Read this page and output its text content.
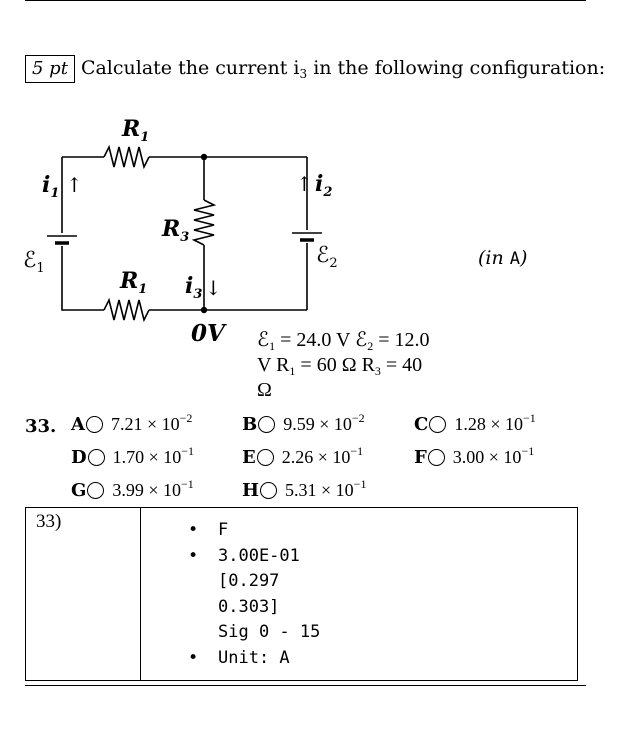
5 pt Calculate the current $i_3$ in the following configuration:
$R_1$
$R_1$
$R_3$
$i_1$ ↑	↑ $i_2$
$i_3$ ↓
ℰ$_1$
ℰ$_2$
0V
(in A)
ℰ$_1$ = 24.0 V ℰ$_2$ = 12.0
V $R_1 = 60$ Ω $R_3 = 40$
Ω
33. A $7.21 \times 10^{-2}$	B $9.59 \times 10^{-2}$	C $1.28 \times 10^{-1}$
D $1.70 \times 10^{-1}$	E $2.26 \times 10^{-1}$	F $3.00 \times 10^{-1}$
G $3.99 \times 10^{-1}$	H $5.31 \times 10^{-1}$
33)
•	F
• 3.00E-01
[0.297
0.303]
Sig 0 - 15
• Unit: A
